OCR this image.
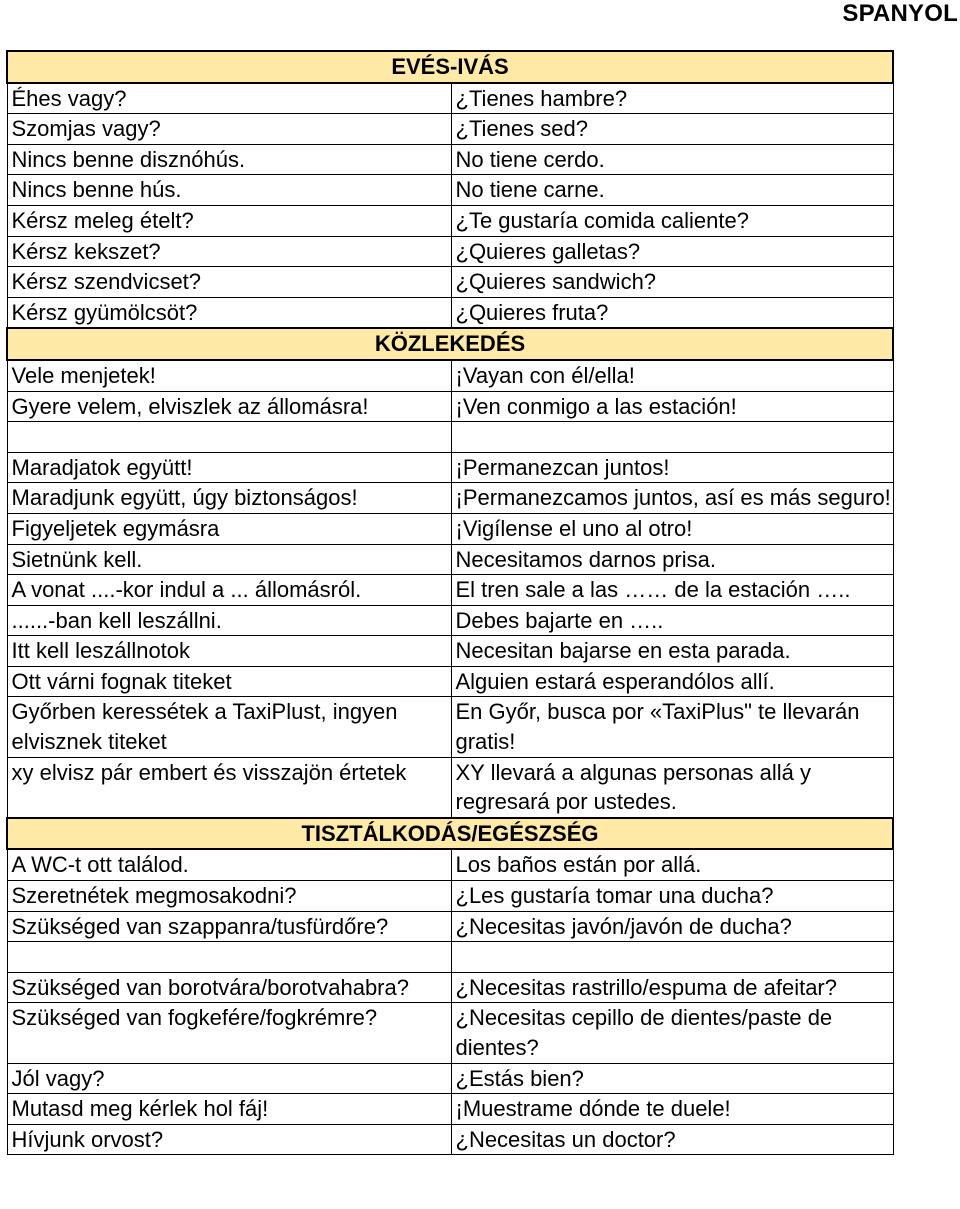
SPANYOL
EVÉS-IVÁS	
Éhes vagy?	¿Tienes hambre?
Szomjas vagy?	¿Tienes sed?
Nincs benne disznóhús.	No tiene cerdo.
Nincs benne hús.	No tiene carne.
Kérsz meleg ételt?	¿Te gustaría comida caliente?
Kérsz kekszet?	¿Quieres galletas?
Kérsz szendvicset?	¿Quieres sandwich?
Kérsz gyümölcsöt?	¿Quieres fruta?
KÖZLEKEDÉS	
Vele menjetek!	¡Vayan con él/ella!
Gyere velem, elviszlek az állomásra!	¡Ven conmigo a las estación!

Maradjatok együtt!	¡Permanezcan juntos!
Maradjunk együtt, úgy biztonságos!	¡Permanezcamos juntos, así es más seguro!
Figyeljetek egymásra	¡Vigílense el uno al otro!
Sietnünk kell.	Necesitamos darnos prisa.
A vonat ....-kor indul a ... állomásról.	El tren sale a las …… de la estación …..
......-ban kell leszállni.	Debes bajarte en …..
Itt kell leszállnotok	Necesitan bajarse en esta parada.
Ott várni fognak titeket	Alguien estará esperandólos allí.
Győrben keressétek a TaxiPlust, ingyen elvisznek titeket	En Győr, busca por «TaxiPlus" te llevarán gratis!
xy elvisz pár embert és visszajön értetek	XY llevará a algunas personas allá y regresará por ustedes.
TISZTÁLKODÁS/EGÉSZSÉG	
A WC-t ott találod.	Los baños están por allá.
Szeretnétek megmosakodni?	¿Les gustaría tomar una ducha?
Szükséged van szappanra/tusfürdőre?	¿Necesitas javón/javón de ducha?

Szükséged van borotvára/borotvahabra?	¿Necesitas rastrillo/espuma de afeitar?
Szükséged van fogkefére/fogkrémre?	¿Necesitas cepillo de dientes/paste de dientes?
Jól vagy?	¿Estás bien?
Mutasd meg kérlek hol fáj!	¡Muestrame dónde te duele!
Hívjunk orvost?	¿Necesitas un doctor?
